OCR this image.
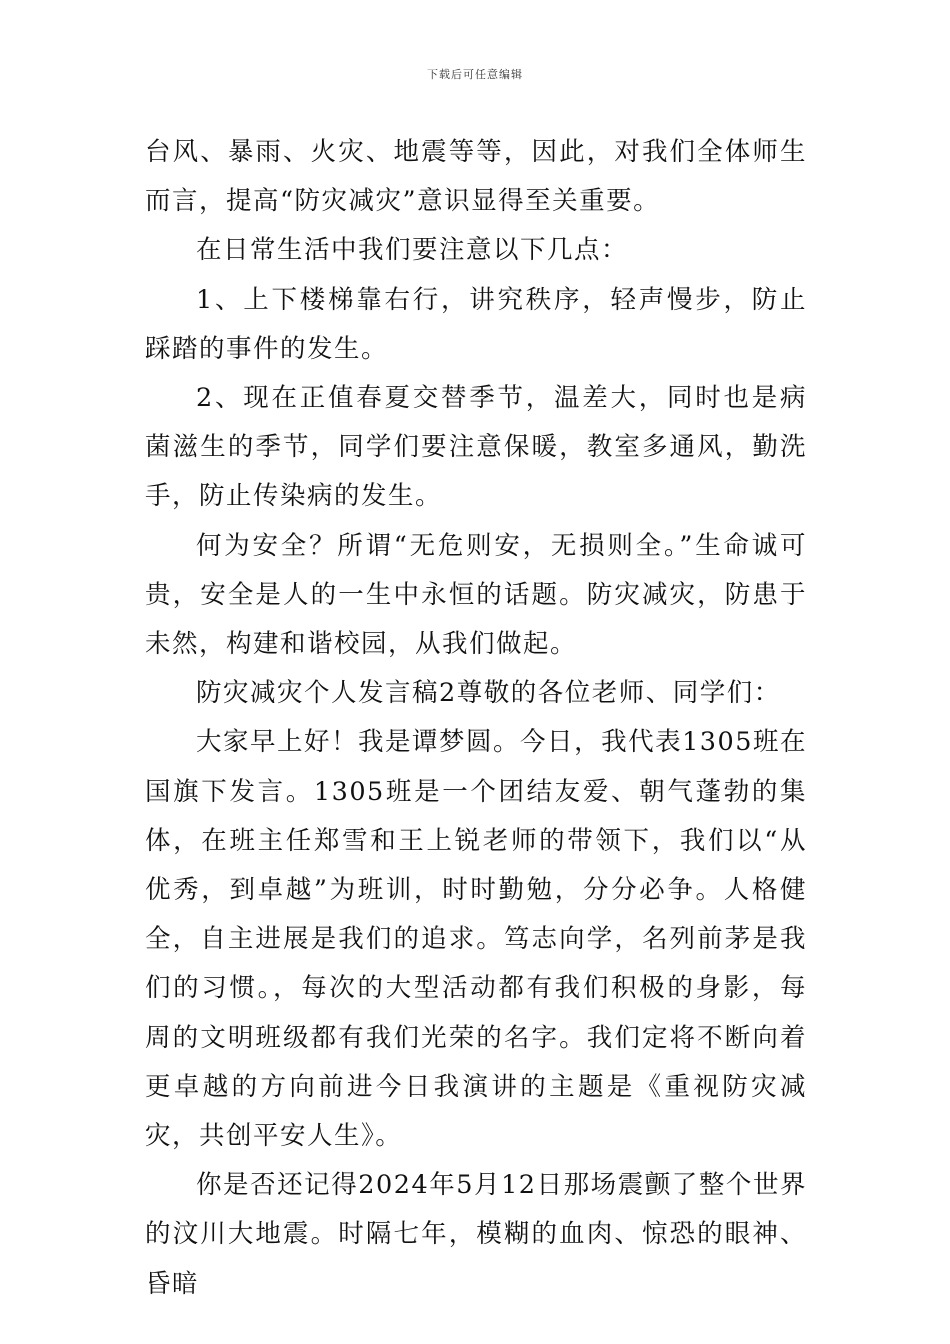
下载后可任意编辑

台风、暴雨、火灾、地震等等，因此，对我们全体师生而言，提高“防灾减灾”意识显得至关重要。

在日常生活中我们要注意以下几点：

1、上下楼梯靠右行，讲究秩序，轻声慢步，防止踩踏的事件的发生。

2、现在正值春夏交替季节，温差大，同时也是病菌滋生的季节，同学们要注意保暖，教室多通风，勤洗手，防止传染病的发生。

何为安全？所谓“无危则安，无损则全。”生命诚可贵，安全是人的一生中永恒的话题。防灾减灾，防患于未然，构建和谐校园，从我们做起。

防灾减灾个人发言稿2尊敬的各位老师、同学们：

大家早上好！我是谭梦圆。今日，我代表1305班在国旗下发言。1305班是一个团结友爱、朝气蓬勃的集体，在班主任郑雪和王上锐老师的带领下，我们以“从优秀，到卓越”为班训，时时勤勉，分分必争。人格健全，自主进展是我们的追求。笃志向学，名列前茅是我们的习惯。，每次的大型活动都有我们积极的身影，每周的文明班级都有我们光荣的名字。我们定将不断向着更卓越的方向前进今日我演讲的主题是《重视防灾减灾，共创平安人生》。

你是否还记得2024年5月12日那场震颤了整个世界的汶川大地震。时隔七年，模糊的血肉、惊恐的眼神、昏暗
